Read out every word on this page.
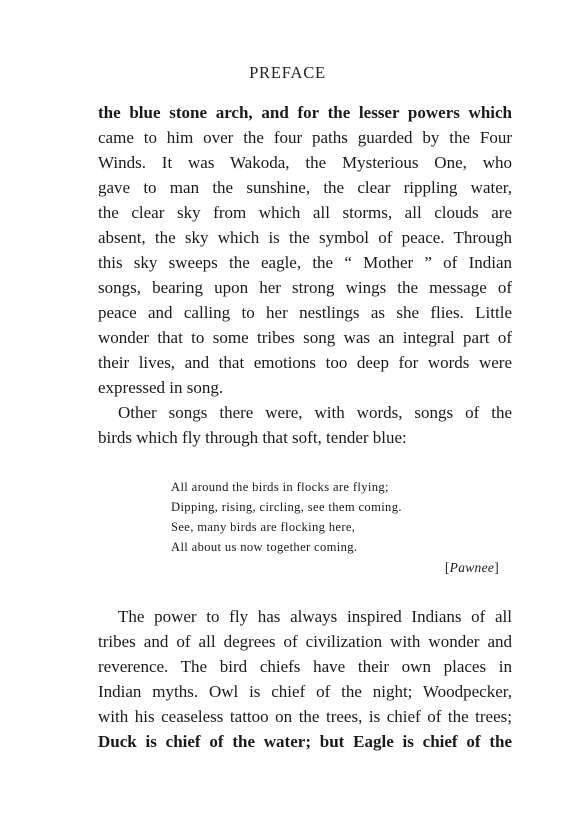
PREFACE
the blue stone arch, and for the lesser powers which
came to him over the four paths guarded by the Four
Winds. It was Wakoda, the Mysterious One, who
gave to man the sunshine, the clear rippling water,
the clear sky from which all storms, all clouds are
absent, the sky which is the symbol of peace. Through
this sky sweeps the eagle, the “ Mother ” of Indian
songs, bearing upon her strong wings the message of
peace and calling to her nestlings as she flies. Little
wonder that to some tribes song was an integral part of
their lives, and that emotions too deep for words were
expressed in song.
Other songs there were, with words, songs of the
birds which fly through that soft, tender blue:
All around the birds in flocks are flying;
Dipping, rising, circling, see them coming.
See, many birds are flocking here,
All about us now together coming.
[Pawnee]
The power to fly has always inspired Indians of all
tribes and of all degrees of civilization with wonder and
reverence. The bird chiefs have their own places in
Indian myths. Owl is chief of the night; Woodpecker,
with his ceaseless tattoo on the trees, is chief of the trees;
Duck is chief of the water; but Eagle is chief of the
